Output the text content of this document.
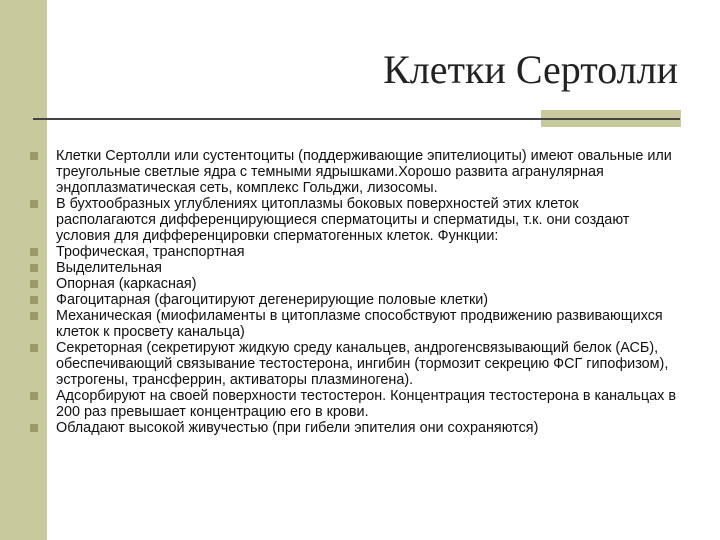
Клетки Сертолли
Клетки Сертолли или сустентоциты (поддерживающие эпителиоциты) имеют овальные или треугольные светлые ядра с темными ядрышками.Хорошо развита агранулярная эндоплазматическая сеть, комплекс Гольджи, лизосомы.
В бухтообразных углублениях цитоплазмы боковых поверхностей этих клеток располагаются дифференцирующиеся сперматоциты и сперматиды, т.к. они создают условия для дифференцировки сперматогенных клеток. Функции:
Трофическая, транспортная
Выделительная
Опорная (каркасная)
Фагоцитарная (фагоцитируют дегенерирующие половые клетки)
Механическая (миофиламенты в цитоплазме способствуют продвижению развивающихся клеток к просвету канальца)
Секреторная (секретируют жидкую среду канальцев, андрогенсвязывающий белок (АСБ), обеспечивающий связывание тестостерона, ингибин (тормозит секрецию ФСГ гипофизом), эстрогены, трансферрин, активаторы плазминогена).
Адсорбируют на своей поверхности тестостерон. Концентрация тестостерона в канальцах в 200 раз превышает концентрацию его в крови.
Обладают высокой живучестью (при гибели эпителия они сохраняются)
